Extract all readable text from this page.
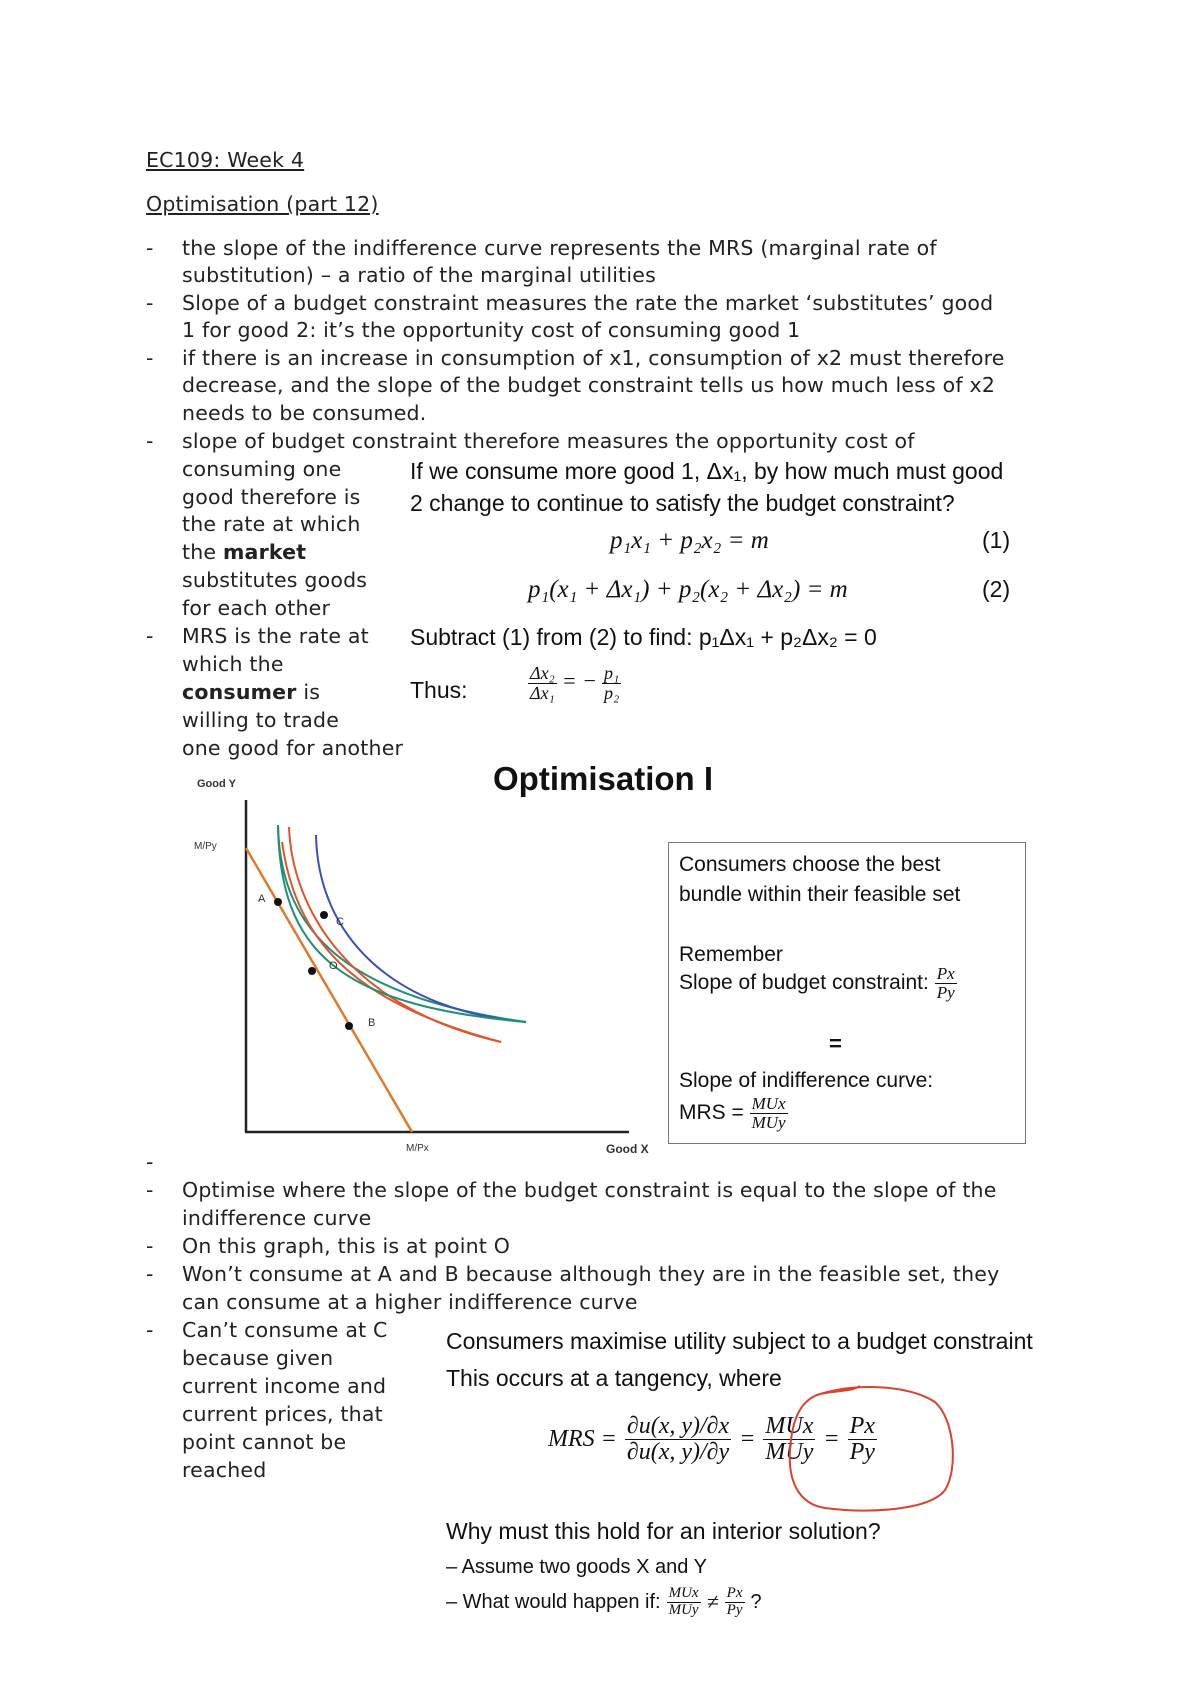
EC109: Week 4
Optimisation (part 12)
- the slope of the indifference curve represents the MRS (marginal rate of
substitution) – a ratio of the marginal utilities
- Slope of a budget constraint measures the rate the market ‘substitutes’ good
1 for good 2: it’s the opportunity cost of consuming good 1
- if there is an increase in consumption of x1, consumption of x2 must therefore
decrease, and the slope of the budget constraint tells us how much less of x2
needs to be consumed.
- slope of budget constraint therefore measures the opportunity cost of
consuming one
good therefore is
the rate at which
the market
substitutes goods
for each other
- MRS is the rate at
which the
consumer is
willing to trade
one good for another
If we consume more good 1, Δx₁, by how much must good
2 change to continue to satisfy the budget constraint?
p₁x₁ + p₂x₂ = m	(1)
p₁(x₁ + Δx₁) + p₂(x₂ + Δx₂) = m	(2)
Subtract (1) from (2) to find: p₁Δx₁ + p₂Δx₂ = 0
Thus:	$\frac{\text{Δx₂}}{\text{Δx₁}}$ = − $\frac{\text{p₁}}{\text{p₂}}$
Optimisation I
Good Y
M/Py
M/Px	Good X
A
B
C
O
Consumers choose the best
bundle within their feasible set
Remember
Slope of budget constraint: $\frac{Px}{Py}$
=
Slope of indifference curve:
MRS = $\frac{\text{MUx}}{\text{MUy}}$
-
- Optimise where the slope of the budget constraint is equal to the slope of the
indifference curve
- On this graph, this is at point O
- Won’t consume at A and B because although they are in the feasible set, they
can consume at a higher indifference curve
- Can’t consume at C
because given
current income and
current prices, that
point cannot be
reached
Consumers maximise utility subject to a budget constraint
This occurs at a tangency, where
MRS = $\frac{\partial u(x, y)/\partial x}{\partial u(x, y)/\partial y} = \frac{\text{MUx}}{\text{MUy}} = \frac{Px}{Py}$
Why must this hold for an interior solution?
– Assume two goods X and Y
– What would happen if: $\frac{\text{MUx}}{\text{MUy}} \ne \frac{Px}{Py}$ ?
